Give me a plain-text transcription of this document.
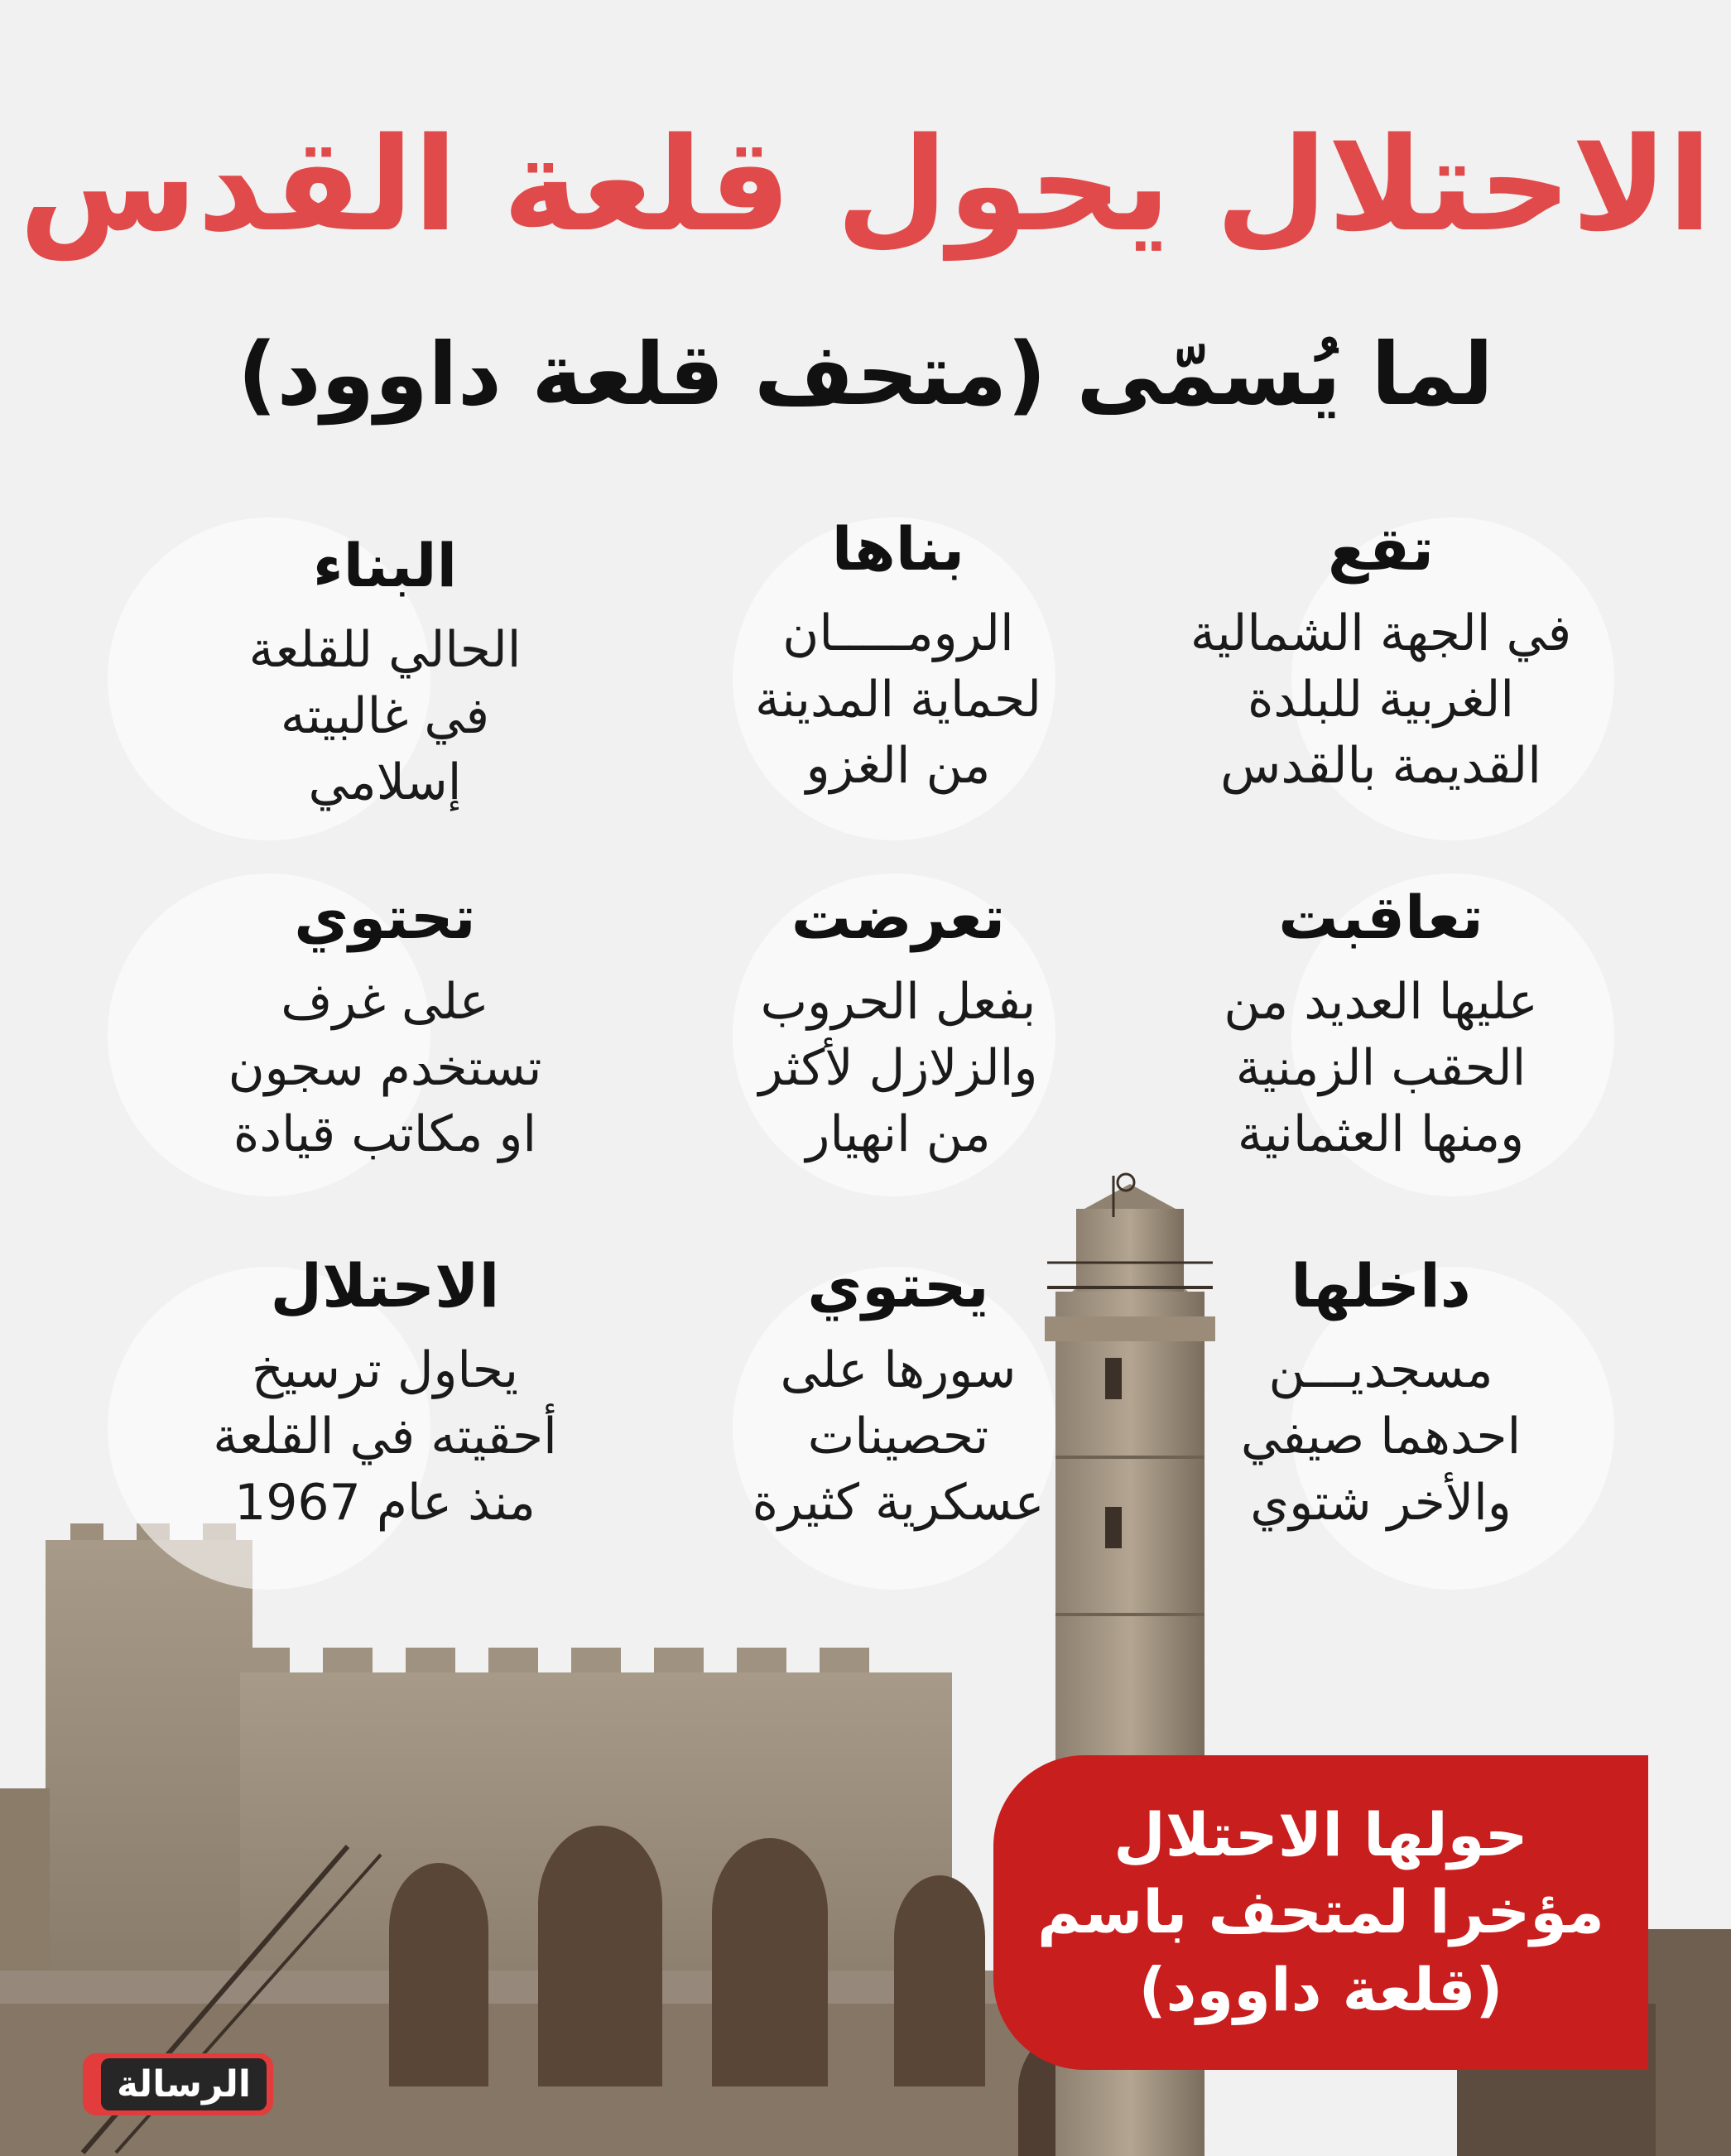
الاحتلال يحول قلعة القدس
لما يُسمّى (متحف قلعة داوود)

تقع

في الجهة الشمالية

الغربية للبلدة

القديمة بالقدس

بناها

الرومـــــان

لحماية المدينة

من الغزو

البناء

الحالي للقلعة

في غالبيته

إسلامي

تعاقبت

عليها العديد من

الحقب الزمنية

ومنها العثمانية

تعرضت

بفعل الحروب

والزلازل لأكثر

من انهيار

تحتوي

على غرف

تستخدم سجون

او مكاتب قيادة

داخلها

مسجديـــن

احدهما صيفي

والأخر شتوي

يحتوي

سورها على

تحصينات

عسكرية كثيرة

الاحتلال

يحاول ترسيخ

أحقيته في القلعة

منذ عام 1967

حولها الاحتلال
مؤخرا لمتحف باسم
(قلعة داوود)
الرسالة
